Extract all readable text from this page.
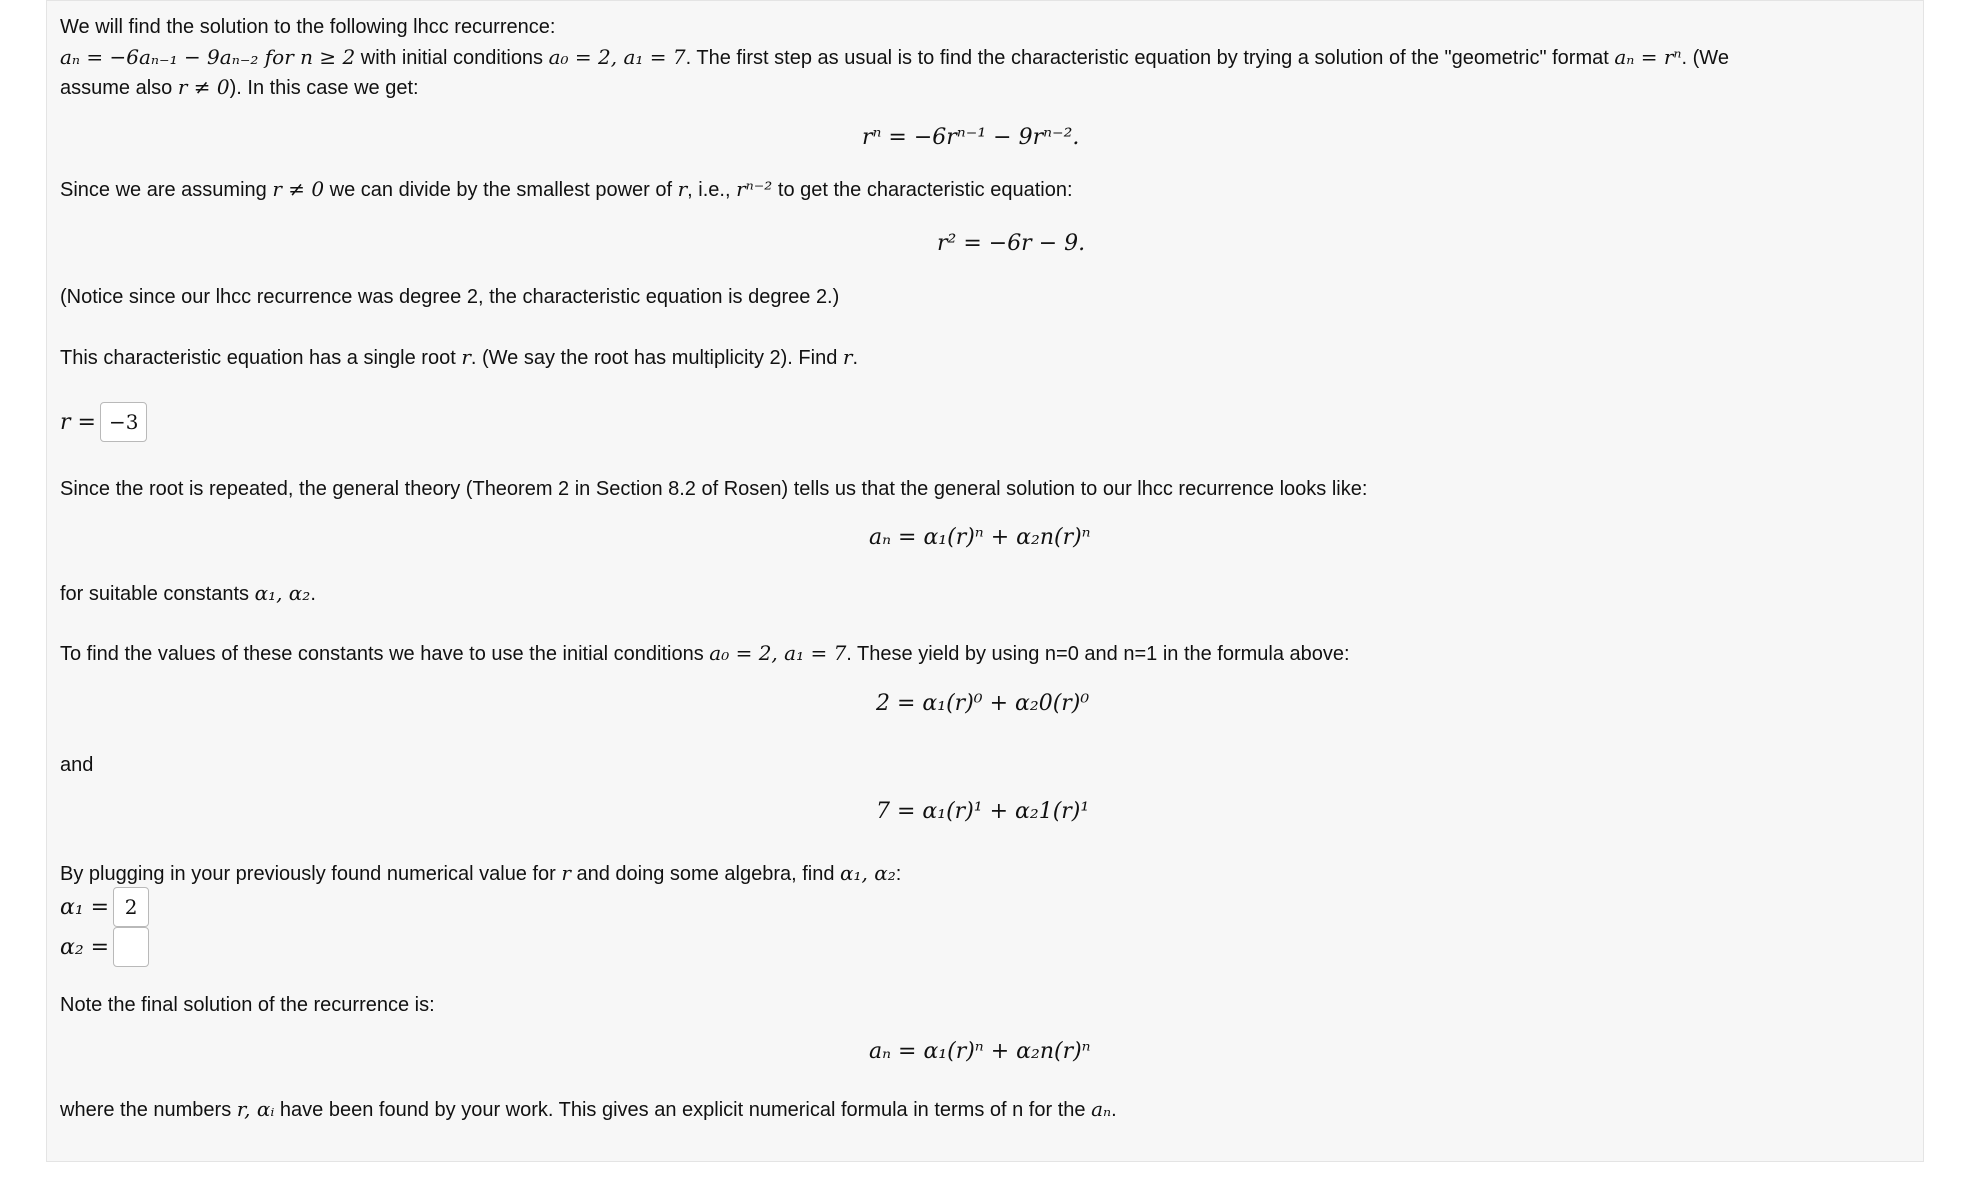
We will find the solution to the following lhcc recurrence:
aₙ = −6aₙ₋₁ − 9aₙ₋₂ for n ≥ 2 with initial conditions a₀ = 2, a₁ = 7. The first step as usual is to find the characteristic equation by trying a solution of the "geometric" format aₙ = rⁿ. (We
assume also r ≠ 0). In this case we get:
rⁿ = −6rⁿ⁻¹ − 9rⁿ⁻².
Since we are assuming r ≠ 0 we can divide by the smallest power of r, i.e., rⁿ⁻² to get the characteristic equation:
r² = −6r − 9.
(Notice since our lhcc recurrence was degree 2, the characteristic equation is degree 2.)
This characteristic equation has a single root r. (We say the root has multiplicity 2). Find r.
r = −3
Since the root is repeated, the general theory (Theorem 2 in Section 8.2 of Rosen) tells us that the general solution to our lhcc recurrence looks like:
aₙ = α₁(r)ⁿ + α₂n(r)ⁿ
for suitable constants α₁, α₂.
To find the values of these constants we have to use the initial conditions a₀ = 2, a₁ = 7. These yield by using n=0 and n=1 in the formula above:
2 = α₁(r)⁰ + α₂0(r)⁰
and
7 = α₁(r)¹ + α₂1(r)¹
By plugging in your previously found numerical value for r and doing some algebra, find α₁, α₂:
α₁ = 2
α₂ =
Note the final solution of the recurrence is:
aₙ = α₁(r)ⁿ + α₂n(r)ⁿ
where the numbers r, αᵢ have been found by your work. This gives an explicit numerical formula in terms of n for the aₙ.
